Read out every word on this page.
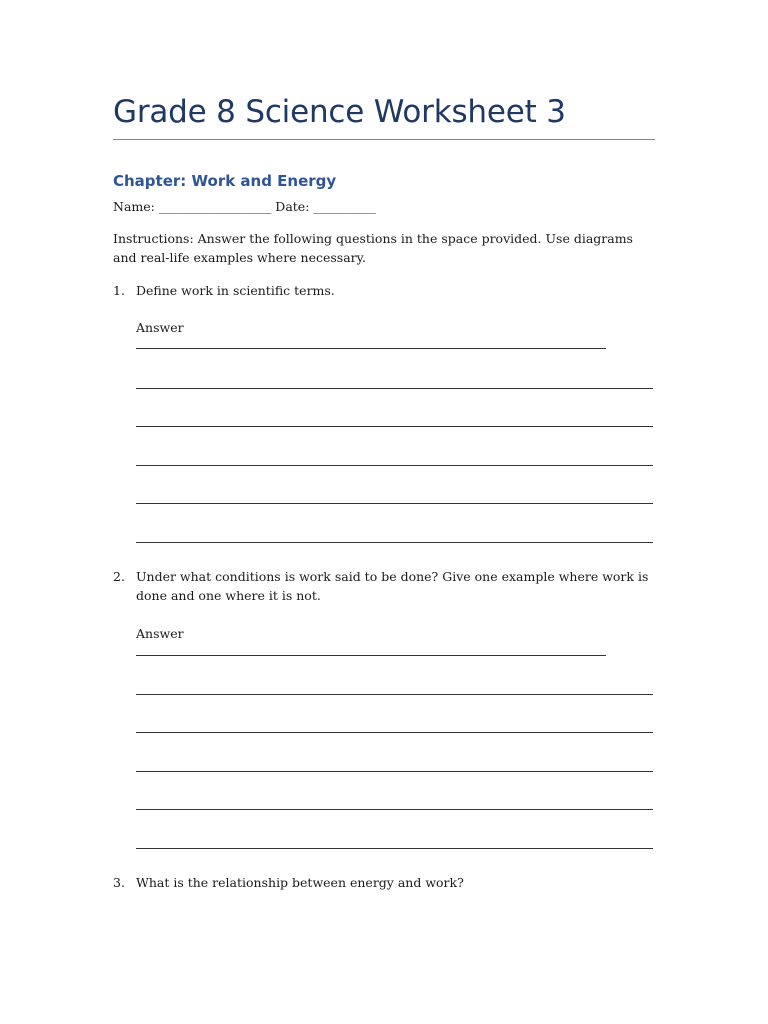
Grade 8 Science Worksheet 3
Chapter: Work and Energy
Name: __________________ Date: __________
Instructions: Answer the following questions in the space provided. Use diagrams and real-life examples where necessary.
1. Define work in scientific terms.
Answer
2. Under what conditions is work said to be done? Give one example where work is done and one where it is not.
Answer
3. What is the relationship between energy and work?
